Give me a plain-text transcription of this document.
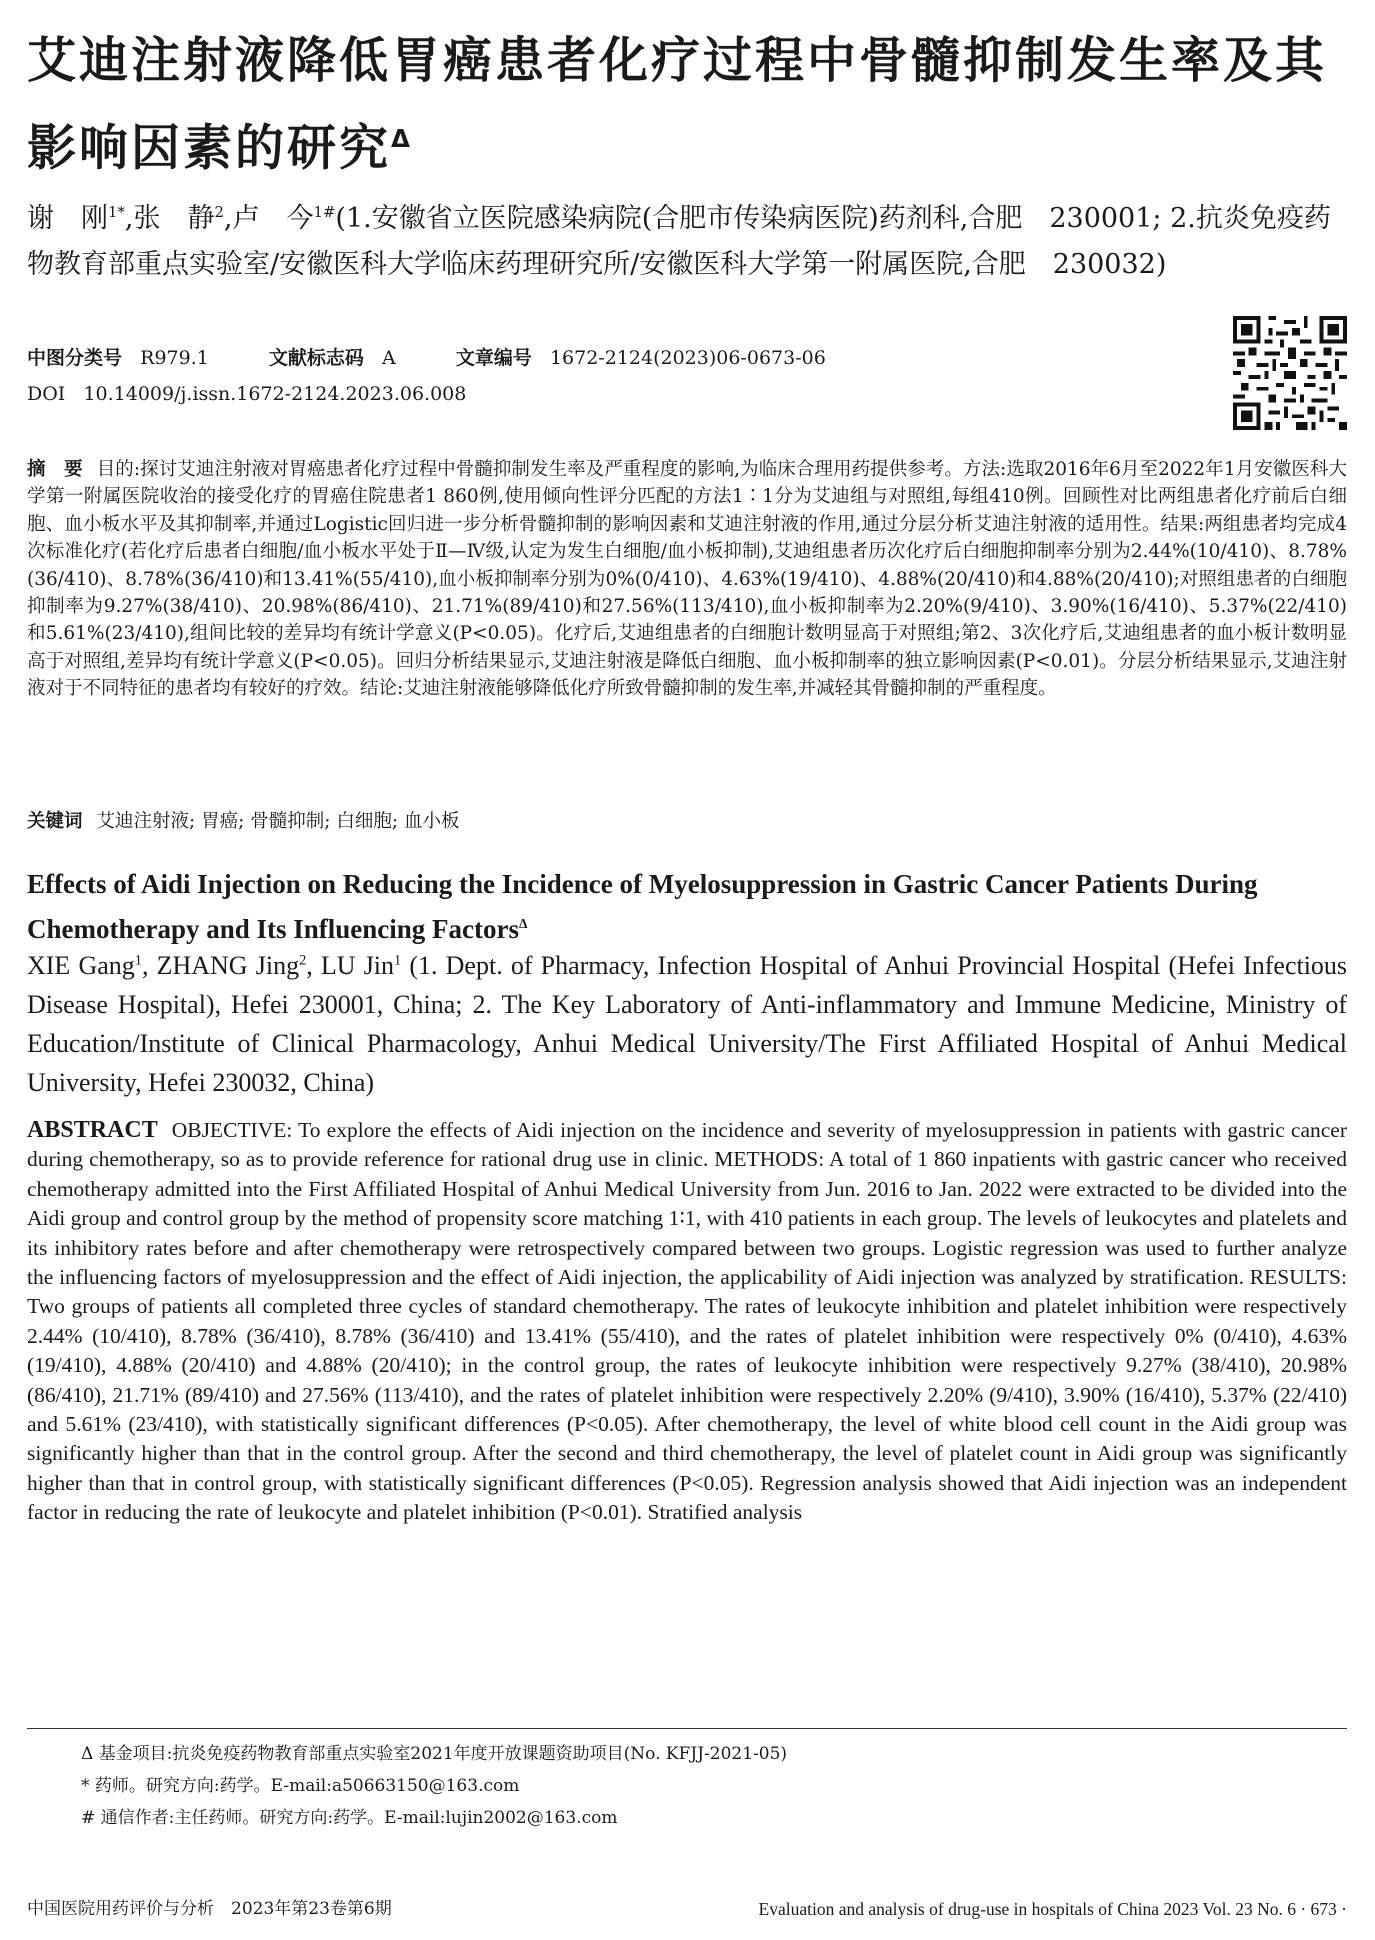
艾迪注射液降低胃癌患者化疗过程中骨髓抑制发生率及其影响因素的研究$^\Delta$
谢　刚$^{1*}$,张　静$^2$,卢　今$^{1\#}$(1.安徽省立医院感染病院(合肥市传染病医院)药剂科,合肥　230001; 2.抗炎免疫药物教育部重点实验室/安徽医科大学临床药理研究所/安徽医科大学第一附属医院,合肥　230032)
中图分类号 R979.1	文献标志码 A	文章编号 1672-2124(2023)06-0673-06
DOI 10.14009/j.issn.1672-2124.2023.06.008
摘　要 目的:探讨艾迪注射液对胃癌患者化疗过程中骨髓抑制发生率及严重程度的影响,为临床合理用药提供参考。方法:选取2016年6月至2022年1月安徽医科大学第一附属医院收治的接受化疗的胃癌住院患者1 860例,使用倾向性评分匹配的方法1∶1分为艾迪组与对照组,每组410例。回顾性对比两组患者化疗前后白细胞、血小板水平及其抑制率,并通过Logistic回归进一步分析骨髓抑制的影响因素和艾迪注射液的作用,通过分层分析艾迪注射液的适用性。结果:两组患者均完成4次标准化疗(若化疗后患者白细胞/血小板水平处于Ⅱ—Ⅳ级,认定为发生白细胞/血小板抑制),艾迪组患者历次化疗后白细胞抑制率分别为2.44%(10/410)、8.78%(36/410)、8.78%(36/410)和13.41%(55/410),血小板抑制率分别为0%(0/410)、4.63%(19/410)、4.88%(20/410)和4.88%(20/410);对照组患者的白细胞抑制率为9.27%(38/410)、20.98%(86/410)、21.71%(89/410)和27.56%(113/410),血小板抑制率为2.20%(9/410)、3.90%(16/410)、5.37%(22/410)和5.61%(23/410),组间比较的差异均有统计学意义(P<0.05)。化疗后,艾迪组患者的白细胞计数明显高于对照组;第2、3次化疗后,艾迪组患者的血小板计数明显高于对照组,差异均有统计学意义(P<0.05)。回归分析结果显示,艾迪注射液是降低白细胞、血小板抑制率的独立影响因素(P<0.01)。分层分析结果显示,艾迪注射液对于不同特征的患者均有较好的疗效。结论:艾迪注射液能够降低化疗所致骨髓抑制的发生率,并减轻其骨髓抑制的严重程度。
关键词 艾迪注射液; 胃癌; 骨髓抑制; 白细胞; 血小板
Effects of Aidi Injection on Reducing the Incidence of Myelosuppression in Gastric Cancer Patients During Chemotherapy and Its Influencing Factors$^\Delta$
XIE Gang$^1$, ZHANG Jing$^2$, LU Jin$^1$ (1. Dept. of Pharmacy, Infection Hospital of Anhui Provincial Hospital (Hefei Infectious Disease Hospital), Hefei 230001, China; 2. The Key Laboratory of Anti-inflammatory and Immune Medicine, Ministry of Education/Institute of Clinical Pharmacology, Anhui Medical University/The First Affiliated Hospital of Anhui Medical University, Hefei 230032, China)
ABSTRACT OBJECTIVE: To explore the effects of Aidi injection on the incidence and severity of myelosuppression in patients with gastric cancer during chemotherapy, so as to provide reference for rational drug use in clinic. METHODS: A total of 1 860 inpatients with gastric cancer who received chemotherapy admitted into the First Affiliated Hospital of Anhui Medical University from Jun. 2016 to Jan. 2022 were extracted to be divided into the Aidi group and control group by the method of propensity score matching 1∶1, with 410 patients in each group. The levels of leukocytes and platelets and its inhibitory rates before and after chemotherapy were retrospectively compared between two groups. Logistic regression was used to further analyze the influencing factors of myelosuppression and the effect of Aidi injection, the applicability of Aidi injection was analyzed by stratification. RESULTS: Two groups of patients all completed three cycles of standard chemotherapy. The rates of leukocyte inhibition and platelet inhibition were respectively 2.44% (10/410), 8.78% (36/410), 8.78% (36/410) and 13.41% (55/410), and the rates of platelet inhibition were respectively 0% (0/410), 4.63% (19/410), 4.88% (20/410) and 4.88% (20/410); in the control group, the rates of leukocyte inhibition were respectively 9.27% (38/410), 20.98% (86/410), 21.71% (89/410) and 27.56% (113/410), and the rates of platelet inhibition were respectively 2.20% (9/410), 3.90% (16/410), 5.37% (22/410) and 5.61% (23/410), with statistically significant differences (P<0.05). After chemotherapy, the level of white blood cell count in the Aidi group was significantly higher than that in the control group. After the second and third chemotherapy, the level of platelet count in Aidi group was significantly higher than that in control group, with statistically significant differences (P<0.05). Regression analysis showed that Aidi injection was an independent factor in reducing the rate of leukocyte and platelet inhibition (P<0.01). Stratified analysis
Δ 基金项目:抗炎免疫药物教育部重点实验室2021年度开放课题资助项目(No. KFJJ-2021-05)
* 药师。研究方向:药学。E-mail:a50663150@163.com
# 通信作者:主任药师。研究方向:药学。E-mail:lujin2002@163.com
中国医院用药评价与分析　2023年第23卷第6期	Evaluation and analysis of drug-use in hospitals of China 2023 Vol. 23 No. 6 · 673 ·
